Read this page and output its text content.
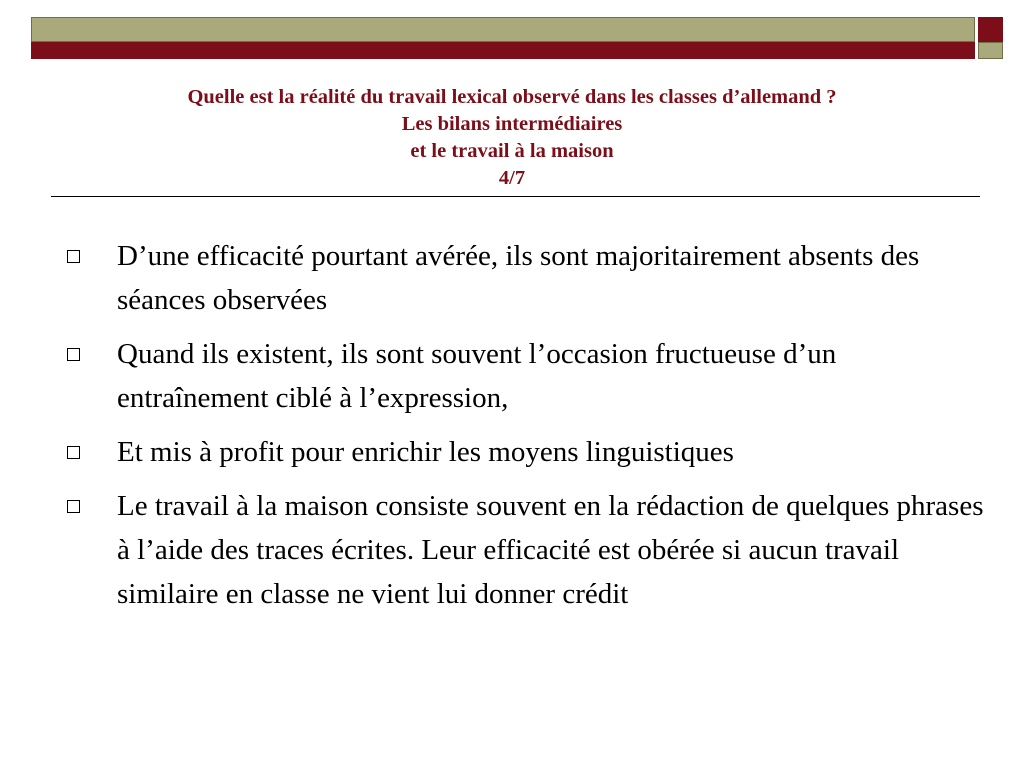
Quelle est la réalité du travail lexical observé dans les classes d’allemand ?
Les bilans intermédiaires
et le travail à la maison
4/7
D’une efficacité pourtant avérée, ils sont majoritairement absents des séances observées
Quand ils existent, ils sont souvent l’occasion fructueuse d’un entraînement ciblé à l’expression,
Et mis à profit pour enrichir les moyens linguistiques
Le travail à la maison consiste souvent en la rédaction de quelques phrases à l’aide des traces écrites. Leur efficacité est obérée si aucun travail similaire en classe ne vient lui donner crédit
